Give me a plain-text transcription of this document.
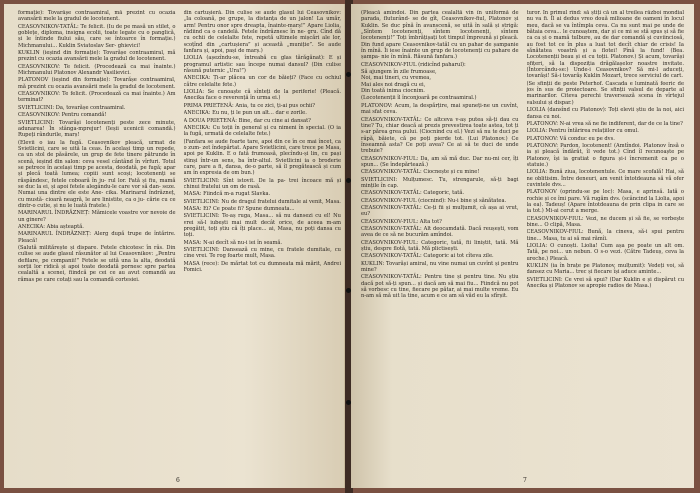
formație): Tovarășe contraamiral, mă prezint cu ocazia avansării mele la gradul de locotenent.

CEASOVNIKOV-TATĂL: Te felicit. (Iu de pe masă un stilet, o goblețe, diploma, insigna ecolii, toate legate cu o panglică, și le întinde fiului său, care se întoarce în formație.) Michmanului... Kuklin Sviatoslav Ser- ghievici!

KUKLIN (ieșind din formație): Tovarășe contraamiral, mă prezint cu ocazia avansării mele la gradul de locotenent.

CEASOVNIKOV: Te felicit. (Procedează ca mai înainte.) Michmanului Platonov Alexandr Vasilievici.

PLATONOV (ieșind din formație): Tovarășe contraamiral, mă prezint cu ocazia avansării mele la gradul de locotenent.

CEASOVNIKOV: Te felicit. (Procedează ca mai înainte.) Am terminat?

SVIETLICINI: Da, tovarășe contraamiral.

CEASOVNIKOV: Pentru comandă!

SVIETLICINI: Tovarăși locotenenți peste zece minute, adunarea! În stânga-mprejur! (Ieșii ucenicii comandă.) Rupeți rândurile, marș!

(Elevii o iau la fugă. Ceasovnikov pleacă, urmat de Svietlicini, care se uită la ceas. În același timp un repede, ca un stol de păsărele, un grup de fete tinere pătrunde în scenă, ieșind din salon: ceva vesel cântând în vîrfuri. Totul se petrece în același timp pe acesta, deodată, pe fugă; apar și plecă toată lumea; copiii sunt scoși; locotenenți se răspândesc, fetele coboară în ju- rul lor. Fată și fiu, mamă se duc la ei, și apoi fetele alegându-le care vor să dan- seze. Numai una dintre ele este Ane- cika. Marinarul îndrăzneț, cu mustă- cioară neagră, le are linistite, ca o ju- cărie cu ce dintr-o cutie, și nu le luată fratele.)

MARINARUL ÎNDRĂZNEȚ: Mămicele voastre vor nevoie de un ginere?

ANECIKA: Abia așteaptă.

MARINARUL ÎNDRĂZNEȚ: Alerg după trupe de întărire. Pleacă!

(Salută militărește și dispare. Fetele chicotesc în râs. Din culise se aude glasul răsunător al lui Ceasovnikov: „Pentru defilare, pe companii!” Fetele se uită una la alta, deodată sorții lor ridică și apoi toate deodată pornesc spre partea cealaltă a scenei, fiindcă pe cei ce au avut comandă au rămas pe care cotați sau la comandă cortesiei.

din cartușieră. Din culise se aude glasul lui Ceasovnikov: „Ia coloană, pe grupe, la distanța de un jalon! La umăr, arm! Pentru onor spre dreapta, înainte-marș!” Apare Liolia, rădiind ca o candelă. Fetele îndrăznesc în ne- gru. Cînd dă cu ochii de celelalte fete, repetă ultimele mișcări ale lor, scoțînd din „cartușiera” și această „muniție”. Se aude fanfara și, apoi, pași de marș.)

LIOLIA (așezîndu-se, întreabă cu glas tărăgănat): E și programul artistic sau începe numai dansul? (Din culise răsună puternic „Ura!”)

ANECIKA: Ți-ar plăcea un cor de băieți? (Face cu ochiul către celelalte fete.)

LIOLIA: Se cunoaște că sînteți de la periferie! (Pleacă. Anecika face o reverență în urma ei.)

PRIMA PRIETENĂ: Ania, tu ce zici, ți-ai pus ochii?

ANECIKA: Eu nu, ți le pun un alt... dar e zorile.

A DOUA PRIETENĂ: Bine, dar cu cine ai dansat?

ANECIKA: Cu toții în general și cu nimeni în special. (O ia la fugă, urmată de celelalte fete.)

(Fanfara se aude foarte tare, apoi din ce în ce mai încet, ca o zum- zet îndepărtat. Apare Svietlicini, care trece pe Masa, apoi pe Kuklin. E o fată frumoasă, plecîndu-și lin, cu pași stinși într-un sens, ba într-altul. Svietlicini ia o broderie care, pare a fi, dansa, de-o parte, să îl pregătească și cum am în expresia de om bun.)

SVIETLICINI: Sînt istovit. De la pa- trei încoace mă și chinui fratelui un om de rasă.

MASA: Fiindcă m-a rugat Slavka.

SVIETLICINI: Nu de dragul fratelui dumitale ai venit, Masa.

MASA: Ei? Ce poate fi? Spune dumneata...

SVIETLICINI: Te-aș ruga, Masa... să nu dansezi cu el! Nu vrei să-l iubești mai mult decât orice, de aceea m-am pregătit, toți știu că îți place... ai, Masa, nu poți dansa cu toți.

MASA: N-ai decît să nu-i iei în seamă.

SVIETLICINI: Dansează cu mine, cu fratele dumitale, cu cine vrei. Te rog foarte mult, Masa.

MASA (rece): De mărtat tot cu dumneata mă mărit, Andrei Fomici.

6

(Pleacă amîndoi. Din partea cealaltă vin în uniformă de parada, fluturând- se de gît, Ceasovnikov-fiul, Platonov și Kuklin. Se duc pînă în avanscenă, se uită în sală și strigă: „Sîntem locotenenți, sîntem locotenenți, sîntem locotenenți!” Toți îmbrățișați tot timpul împreună și pleacă. Din fund apare Ceasovnikov-tatăl cu un pahar de șampanie în mînă. Îi iese înainte un grup de locotenenți cu pahare de șampa- nie în mînă. Răsună fanfara.)

CEASOVNIKOV-FIUL (ridicînd paharul):

Să ajungem în zile frumoase,
Noi, mai tineri, cu vremea,
Mai ales noi dragă cu ei,
Din toată inima ciocnim.

(Locotenenții îl înconjoară pe contraamiral.)

PLATONOV: Acum, la despărțire, mai spuneți-ne un cuvînt, mai sfat ceva.

CEASOVNIKOV-TATĂL: Ce altceva v-aș putea să-ți dau cu tine? Tu, chiar deacă ai prezis prevestirea toate astea, tot ți s-ar părea grea pului. (Ciocnind cu el.) Vezi să nu te duci pe râpă, băiete, că pe poți pierde tot. (Lui Platonov.) Ce înseamnă asta? Ce poți avea? Ce ai să te duci de unde trebuie?

CEASOVNIKOV-FIUL: Da, am să mă duc. Dar nu-mi cer, îți spun... (Se îndepărtează.)

CEASOVNIKOV-TATĂL: Ciocnește și cu mine!

SVIETLICINI: Mulțumesc. Tu, strengarule, să-ți bagi mințile în cap.

CEASOVNIKOV-TATĂL: Categoric, tată.

CEASOVNIKOV-FIUL (ciocnind): Nu-i bine și sănătatea.

CEASOVNIKOV-TATĂL: Ce-ți fii și mulțumit, că așa ai vrut, eu?

CEASOVNIKOV-FIUL: Alta tot?

CEASOVNIKOV-TATĂL: Alt deocamdată. Dacă reușești, vom avea de ce să ne bucurăm amîndoi.

CEASOVNIKOV-FIUL: Categoric, tată, fii liniștit, tată. Mă știu, despre flotă, tată. Mă plictisești.

CEASOVNIKOV-TATĂL: Categoric ai tot cîteva zile.

KUKLIN: Tovarăși amiral, nu vine numai un cuvînt și pentru mine?

CEASOVNIKOV-TATĂL: Pentru tine și pentru tine. Nu știu dacă pot să-ți spun... și dacă am să mai fiu... Fiindcă nu pot să vorbesc cu tine, fiecare pe pătar, ai mai multe vreme. Eu n-am să mă uit la tine, acum e ce am să văd eu la sfîrșit.

turor. În primul rînd: să știți că un al treilea război mondial nu va fi. Îl ai dedus vreo două milioane de oameni în locul meu, dacă se va întîmpla ceva. Ca nu sunt mai pe unde de bătaia ceva... le cunoaștem, dar și ce mi se stă spus și să fie ca ca și o mamă tulbure, au de dar comandă și cuviinciosă, au fost tot ce în plus a luat tot decît chiar de crisis! Ia sănătatea voastră și a flotei! Pînă la fund! (Bea. Locotenenții beau și ei cu toții. Platonov.) Și acum, tovarăși ofițeri, să la dispoziția drăgălașelor noastre invitate. (Întorcându-se:) Unde-i Ceasovnikov? Să mi-l aduceți, tovarăși! Să-i tovarăș Kuklin Mozart, trece serviciul de cart.

(Se sfinții de peste Peterhof. Cascada e luminată feeric de jos în sus de proiectoare. Se sfinții valsul de departe al marinarilor. Citeva perechi traversează scena în vîrtejul valsului și dispar.)

LIOLIA (dansînd cu Platonov): Toți elevii știu de la noi, aici dansa cu noi.

PLATONOV: N-ai vrea să ne fie indiferent, dar de ce la tine?

LIOLIA: Pentru întărirea relațiilor cu omul.

PLATONOV: Vă conduc eu pe dvs.

PLATONOV: Pardon, locotenent! (Amtîndoi. Platonov însă o ia și pleacă îndărăt, îl vede tot.) Cînd îl recunoaște pe Platonov, își ia gratiat o figura și-i încremenit ca pe o statuie.)

LIOLIA: Bună ziua, locotenentule. Ce mare scofală! Hai, să ne oblitisim. Între deneuri, am venit întotdeauna să vă ofer cuvintele dvs...

PLATONOV (oprindu-se pe loc): Masa, e aprinsă. Iată o rochie și ce îmi pare. Vă rugăm dvs. (scâncind la Liolia, apoi la ea). Tadeuș! (Apare întotdeauna de prin clipa in care se ia tot.) Mi-ai cerut a merge.

CEASOVNIKOV-FIUL: Vezi, ne ducem și să fie, se vorbește bine... O clipă, Masa.

CEASOVNIKOV-FIUL: Bună, la cineva, să-i spui pentru tine... Masa, tu ai să mai rămîi.

LIOLIA: O cunoști. Liolia! Cum așa pe poate un alt om. Tată, pe noi... un nebun. O s-o vezi. (Către Tadeuș, ceva la ureche.) Pleacă.

KUKLIN (ia în brațe pe Platonov, mulțumit): Vedeți voi, să dansez cu Maria... trec și fiecare își aduce aminte...

SVIETLICINI: Ce vrei să spui? (Dar Kuklin e și dispărut cu Anecika și Platonov se apropie radios de Masa.)

7
